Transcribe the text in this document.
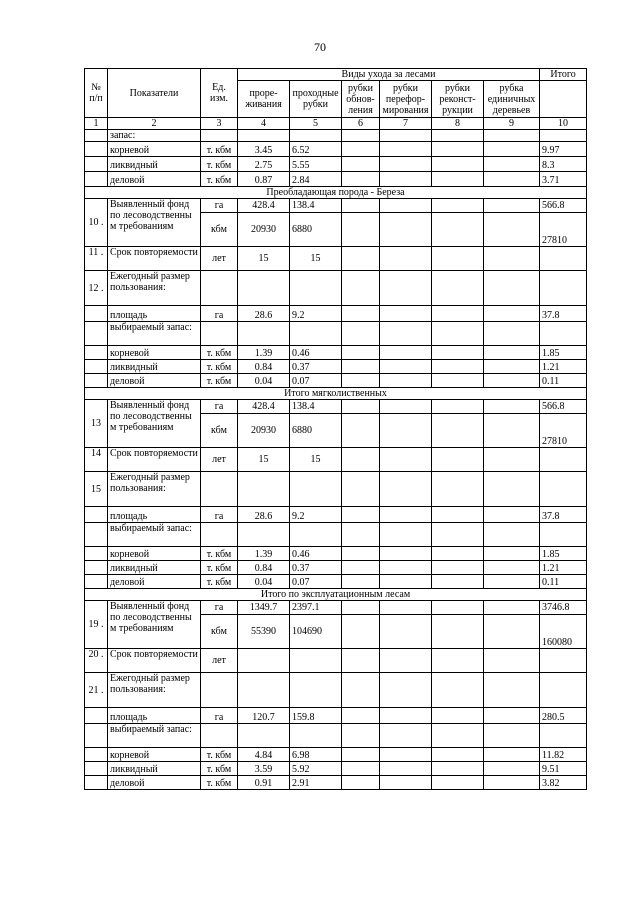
70
№ п/п	Показатели	Ед. изм.	Виды ухода за лесами						Итого
			проре-живания	проходные рубки	рубки обнов-ления	рубки перефор-мирования	рубки реконст-рукции	рубка единичных деревьев	
1	2	3	4	5	6	7	8	9	10
	запас:								
	корневой	т. кбм	3.45	6.52					9.97
	ликвидный	т. кбм	2.75	5.55					8.3
	деловой	т. кбм	0.87	2.84					3.71
Преобладающая порода - Береза									
10 .	Выявленный фонд по лесоводственны м требованиям	га	428.4	138.4					566.8
		кбм	20930	6880					27810
11 .	Срок повторяемости	лет	15	15					
12 .	Ежегодный размер пользования:								
	площадь	га	28.6	9.2					37.8
	выбираемый запас:								
	корневой	т. кбм	1.39	0.46					1.85
	ликвидный	т. кбм	0.84	0.37					1.21
	деловой	т. кбм	0.04	0.07					0.11
Итого мягколиственных									
13	Выявленный фонд по лесоводственны м требованиям	га	428.4	138.4					566.8
		кбм	20930	6880					27810
14	Срок повторяемости	лет	15	15					
15	Ежегодный размер пользования:								
	площадь	га	28.6	9.2					37.8
	выбираемый запас:								
	корневой	т. кбм	1.39	0.46					1.85
	ликвидный	т. кбм	0.84	0.37					1.21
	деловой	т. кбм	0.04	0.07					0.11
Итого по эксплуатационным лесам									
19 .	Выявленный фонд по лесоводственны м требованиям	га	1349.7	2397.1					3746.8
		кбм	55390	104690					160080
20 .	Срок повторяемости	лет							
21 .	Ежегодный размер пользования:								
	площадь	га	120.7	159.8					280.5
	выбираемый запас:								
	корневой	т. кбм	4.84	6.98					11.82
	ликвидный	т. кбм	3.59	5.92					9.51
	деловой	т. кбм	0.91	2.91					3.82
